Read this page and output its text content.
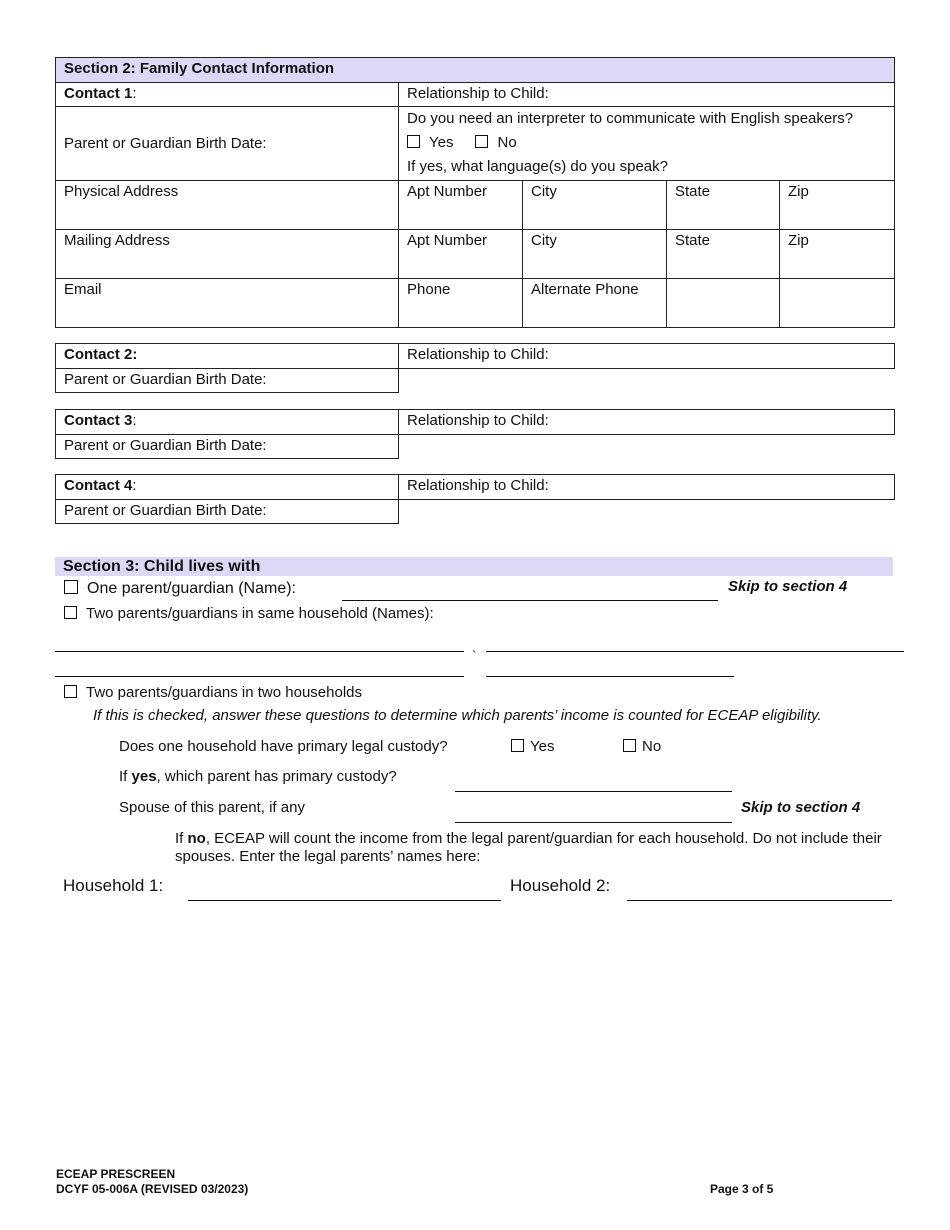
Section 2: Family Contact Information				
Contact 1:	Relationship to Child:			
Parent or Guardian Birth Date:	Do you need an interpreter to communicate with English speakers?
Yes No
If yes, what language(s) do you speak?			

Physical Address	Apt Number	City	State	Zip
Mailing Address	Apt Number	City	State	Zip
Email	Phone	Alternate Phone		
Contact 2:	Relationship to Child:
Parent or Guardian Birth Date:	
Contact 3:	Relationship to Child:
Parent or Guardian Birth Date:	
Contact 4:	Relationship to Child:
Parent or Guardian Birth Date:	
Section 3: Child lives with
One parent/guardian (Name):	Skip to section 4
Two parents/guardians in same household (Names):
`
Two parents/guardians in two households
If this is checked, answer these questions to determine which parents’ income is counted for ECEAP eligibility.
Does one household have primary legal custody?	Yes	No
If yes, which parent has primary custody?
Spouse of this parent, if any	Skip to section 4
If no, ECEAP will count the income from the legal parent/guardian for each household. Do not include their spouses. Enter the legal parents’ names here:
Household 1:	Household 2:
ECEAP PRESCREEN
DCYF 05-006A (REVISED 03/2023)	Page 3 of 5
